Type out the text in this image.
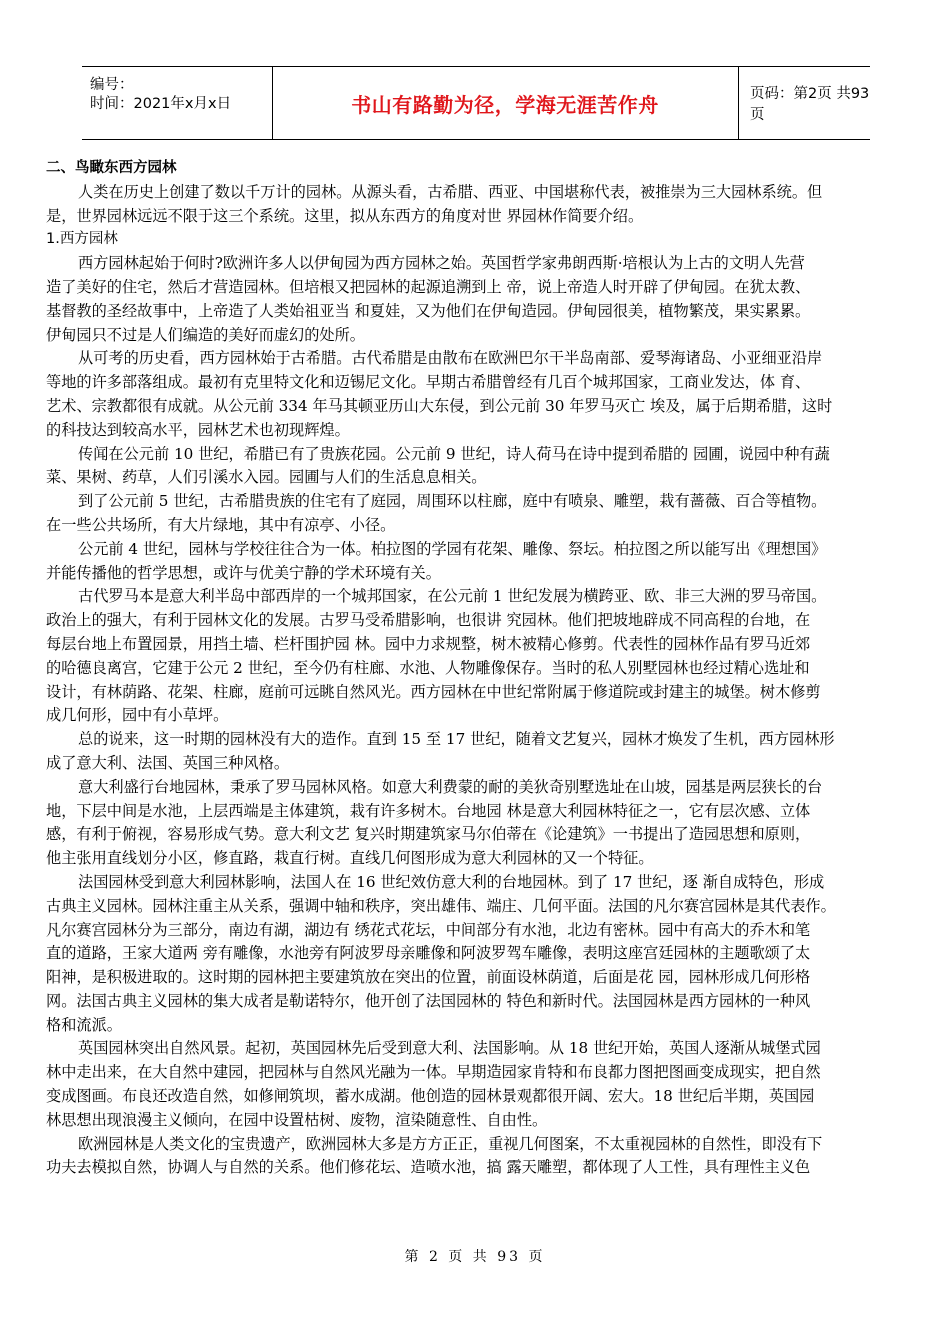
编号：
时间：2021年x月x日	书山有路勤为径，学海无涯苦作舟	页码：第2页 共93页
二、鸟瞰东西方园林
人类在历史上创建了数以千万计的园林。从源头看，古希腊、西亚、中国堪称代表，被推崇为三大园林系统。但
是，世界园林远远不限于这三个系统。这里，拟从东西方的角度对世 界园林作简要介绍。
1.西方园林
西方园林起始于何时?欧洲许多人以伊甸园为西方园林之始。英国哲学家弗朗西斯·培根认为上古的文明人先营
造了美好的住宅，然后才营造园林。但培根又把园林的起源追溯到上 帝，说上帝造人时开辟了伊甸园。在犹太教、
基督教的圣经故事中，上帝造了人类始祖亚当 和夏娃，又为他们在伊甸造园。伊甸园很美，植物繁茂，果实累累。
伊甸园只不过是人们编造的美好而虚幻的处所。
从可考的历史看，西方园林始于古希腊。古代希腊是由散布在欧洲巴尔干半岛南部、爱琴海诸岛、小亚细亚沿岸
等地的许多部落组成。最初有克里特文化和迈锡尼文化。早期古希腊曾经有几百个城邦国家，工商业发达，体 育、
艺术、宗教都很有成就。从公元前 334 年马其顿亚历山大东侵，到公元前 30 年罗马灭亡 埃及，属于后期希腊，这时
的科技达到较高水平，园林艺术也初现辉煌。
传闻在公元前 10 世纪，希腊已有了贵族花园。公元前 9 世纪，诗人荷马在诗中提到希腊的 园圃，说园中种有蔬
菜、果树、药草，人们引溪水入园。园圃与人们的生活息息相关。
到了公元前 5 世纪，古希腊贵族的住宅有了庭园，周围环以柱廊，庭中有喷泉、雕塑，栽有蔷薇、百合等植物。
在一些公共场所，有大片绿地，其中有凉亭、小径。
公元前 4 世纪，园林与学校往往合为一体。柏拉图的学园有花架、雕像、祭坛。柏拉图之所以能写出《理想国》
并能传播他的哲学思想，或许与优美宁静的学术环境有关。
古代罗马本是意大利半岛中部西岸的一个城邦国家，在公元前 1 世纪发展为横跨亚、欧、非三大洲的罗马帝国。
政治上的强大，有利于园林文化的发展。古罗马受希腊影响，也很讲 究园林。他们把坡地辟成不同高程的台地，在
每层台地上布置园景，用挡土墙、栏杆围护园 林。园中力求规整，树木被精心修剪。代表性的园林作品有罗马近郊
的哈德良离宫，它建于公元 2 世纪，至今仍有柱廊、水池、人物雕像保存。当时的私人别墅园林也经过精心选址和
设计，有林荫路、花架、柱廊，庭前可远眺自然风光。西方园林在中世纪常附属于修道院或封建主的城堡。树木修剪
成几何形，园中有小草坪。
总的说来，这一时期的园林没有大的造作。直到 15 至 17 世纪，随着文艺复兴，园林才焕发了生机，西方园林形
成了意大利、法国、英国三种风格。
意大利盛行台地园林，秉承了罗马园林风格。如意大利费蒙的耐的美狄奇别墅选址在山坡，园基是两层狭长的台
地，下层中间是水池，上层西端是主体建筑，栽有许多树木。台地园 林是意大利园林特征之一，它有层次感、立体
感，有利于俯视，容易形成气势。意大利文艺 复兴时期建筑家马尔伯蒂在《论建筑》一书提出了造园思想和原则，
他主张用直线划分小区，修直路，栽直行树。直线几何图形成为意大利园林的又一个特征。
法国园林受到意大利园林影响，法国人在 16 世纪效仿意大利的台地园林。到了 17 世纪，逐 渐自成特色，形成
古典主义园林。园林注重主从关系，强调中轴和秩序，突出雄伟、端庄、几何平面。法国的凡尔赛宫园林是其代表作。
凡尔赛宫园林分为三部分，南边有湖，湖边有 绣花式花坛，中间部分有水池，北边有密林。园中有高大的乔木和笔
直的道路，王家大道两 旁有雕像，水池旁有阿波罗母亲雕像和阿波罗驾车雕像，表明这座宫廷园林的主题歌颂了太
阳神，是积极进取的。这时期的园林把主要建筑放在突出的位置，前面设林荫道，后面是花 园，园林形成几何形格
网。法国古典主义园林的集大成者是勒诺特尔，他开创了法国园林的 特色和新时代。法国园林是西方园林的一种风
格和流派。
英国园林突出自然风景。起初，英国园林先后受到意大利、法国影响。从 18 世纪开始，英国人逐渐从城堡式园
林中走出来，在大自然中建园，把园林与自然风光融为一体。早期造园家肯特和布良都力图把图画变成现实，把自然
变成图画。布良还改造自然，如修闸筑坝，蓄水成湖。他创造的园林景观都很开阔、宏大。18 世纪后半期，英国园
林思想出现浪漫主义倾向，在园中设置枯树、废物，渲染随意性、自由性。
欧洲园林是人类文化的宝贵遗产，欧洲园林大多是方方正正，重视几何图案，不太重视园林的自然性，即没有下
功夫去模拟自然，协调人与自然的关系。他们修花坛、造喷水池，搞 露天雕塑，都体现了人工性，具有理性主义色
第 2 页 共 93 页
